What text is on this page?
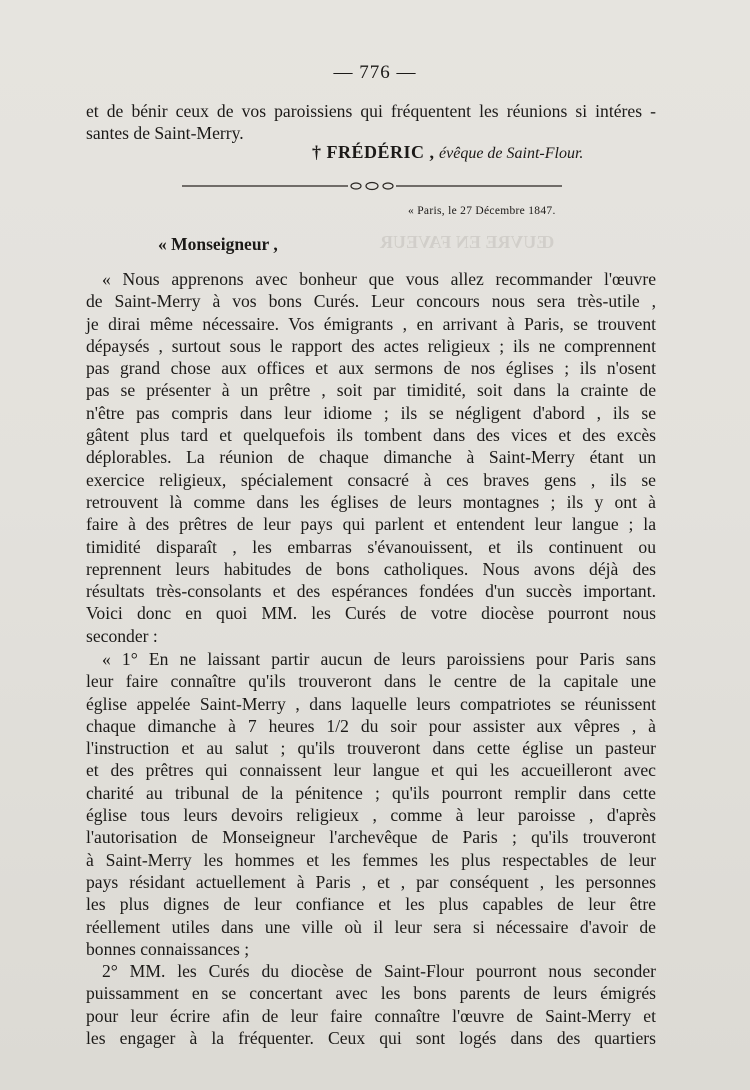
ŒUVRE EN FAVEUR
— 776 —
et de bénir ceux de vos paroissiens qui fréquentent les réunions si intéres -
santes de Saint-Merry.
† FRÉDÉRIC , évêque de Saint-Flour.
« Paris, le 27 Décembre 1847.
« Monseigneur ,
« Nous apprenons avec bonheur que vous allez recommander l'œuvre
de Saint-Merry à vos bons Curés. Leur concours nous sera très-utile ,
je dirai même nécessaire. Vos émigrants , en arrivant à Paris, se trouvent
dépaysés , surtout sous le rapport des actes religieux ; ils ne comprennent
pas grand chose aux offices et aux sermons de nos églises ; ils n'osent
pas se présenter à un prêtre , soit par timidité, soit dans la crainte de
n'être pas compris dans leur idiome ; ils se négligent d'abord , ils se
gâtent plus tard et quelquefois ils tombent dans des vices et des excès
déplorables. La réunion de chaque dimanche à Saint-Merry étant un
exercice religieux, spécialement consacré à ces braves gens , ils se
retrouvent là comme dans les églises de leurs montagnes ; ils y ont à
faire à des prêtres de leur pays qui parlent et entendent leur langue ; la
timidité disparaît , les embarras s'évanouissent, et ils continuent ou
reprennent leurs habitudes de bons catholiques. Nous avons déjà des
résultats très-consolants et des espérances fondées d'un succès important.
Voici donc en quoi MM. les Curés de votre diocèse pourront nous
seconder :
« 1° En ne laissant partir aucun de leurs paroissiens pour Paris sans
leur faire connaître qu'ils trouveront dans le centre de la capitale une
église appelée Saint-Merry , dans laquelle leurs compatriotes se réunissent
chaque dimanche à 7 heures 1/2 du soir pour assister aux vêpres , à
l'instruction et au salut ; qu'ils trouveront dans cette église un pasteur
et des prêtres qui connaissent leur langue et qui les accueilleront avec
charité au tribunal de la pénitence ; qu'ils pourront remplir dans cette
église tous leurs devoirs religieux , comme à leur paroisse , d'après
l'autorisation de Monseigneur l'archevêque de Paris ; qu'ils trouveront
à Saint-Merry les hommes et les femmes les plus respectables de leur
pays résidant actuellement à Paris , et , par conséquent , les personnes
les plus dignes de leur confiance et les plus capables de leur être
réellement utiles dans une ville où il leur sera si nécessaire d'avoir de
bonnes connaissances ;
2° MM. les Curés du diocèse de Saint-Flour pourront nous seconder
puissamment en se concertant avec les bons parents de leurs émigrés
pour leur écrire afin de leur faire connaître l'œuvre de Saint-Merry et
les engager à la fréquenter. Ceux qui sont logés dans des quartiers
